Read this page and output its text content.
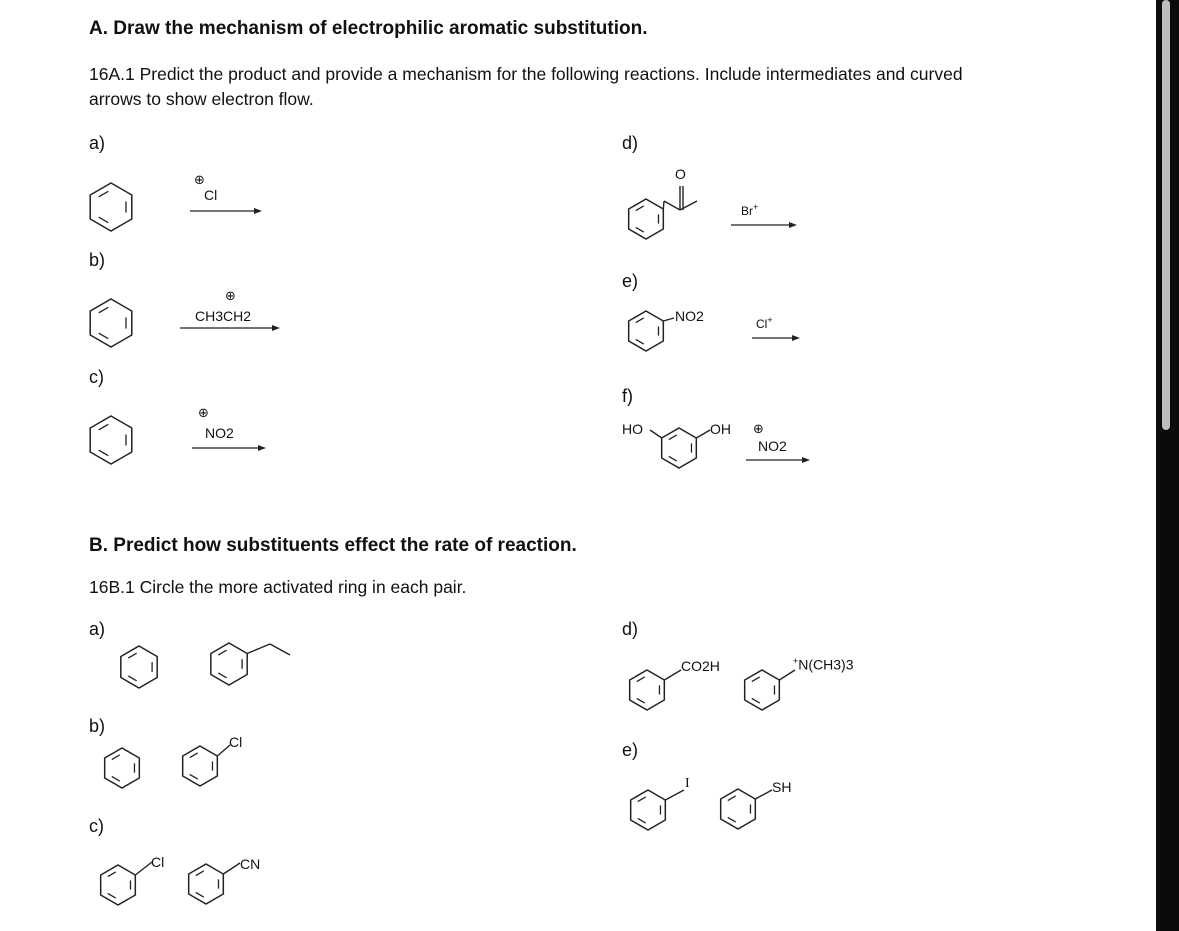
A. Draw the mechanism of electrophilic aromatic substitution.
16A.1 Predict the product and provide a mechanism for the following reactions. Include intermediates and curved
arrows to show electron flow.
a)
b)
c)
d)
e)
f)
⊕
Cl
⊕
CH3CH2
⊕
NO2
O
Br+
NO2	Cl+
HO	OH ⊕
NO2
B. Predict how substituents effect the rate of reaction.
16B.1 Circle the more activated ring in each pair.
a)
b)
c)
d)
e)
Cl
Cl	CN
CO2H	+N(CH3)3
I	SH
